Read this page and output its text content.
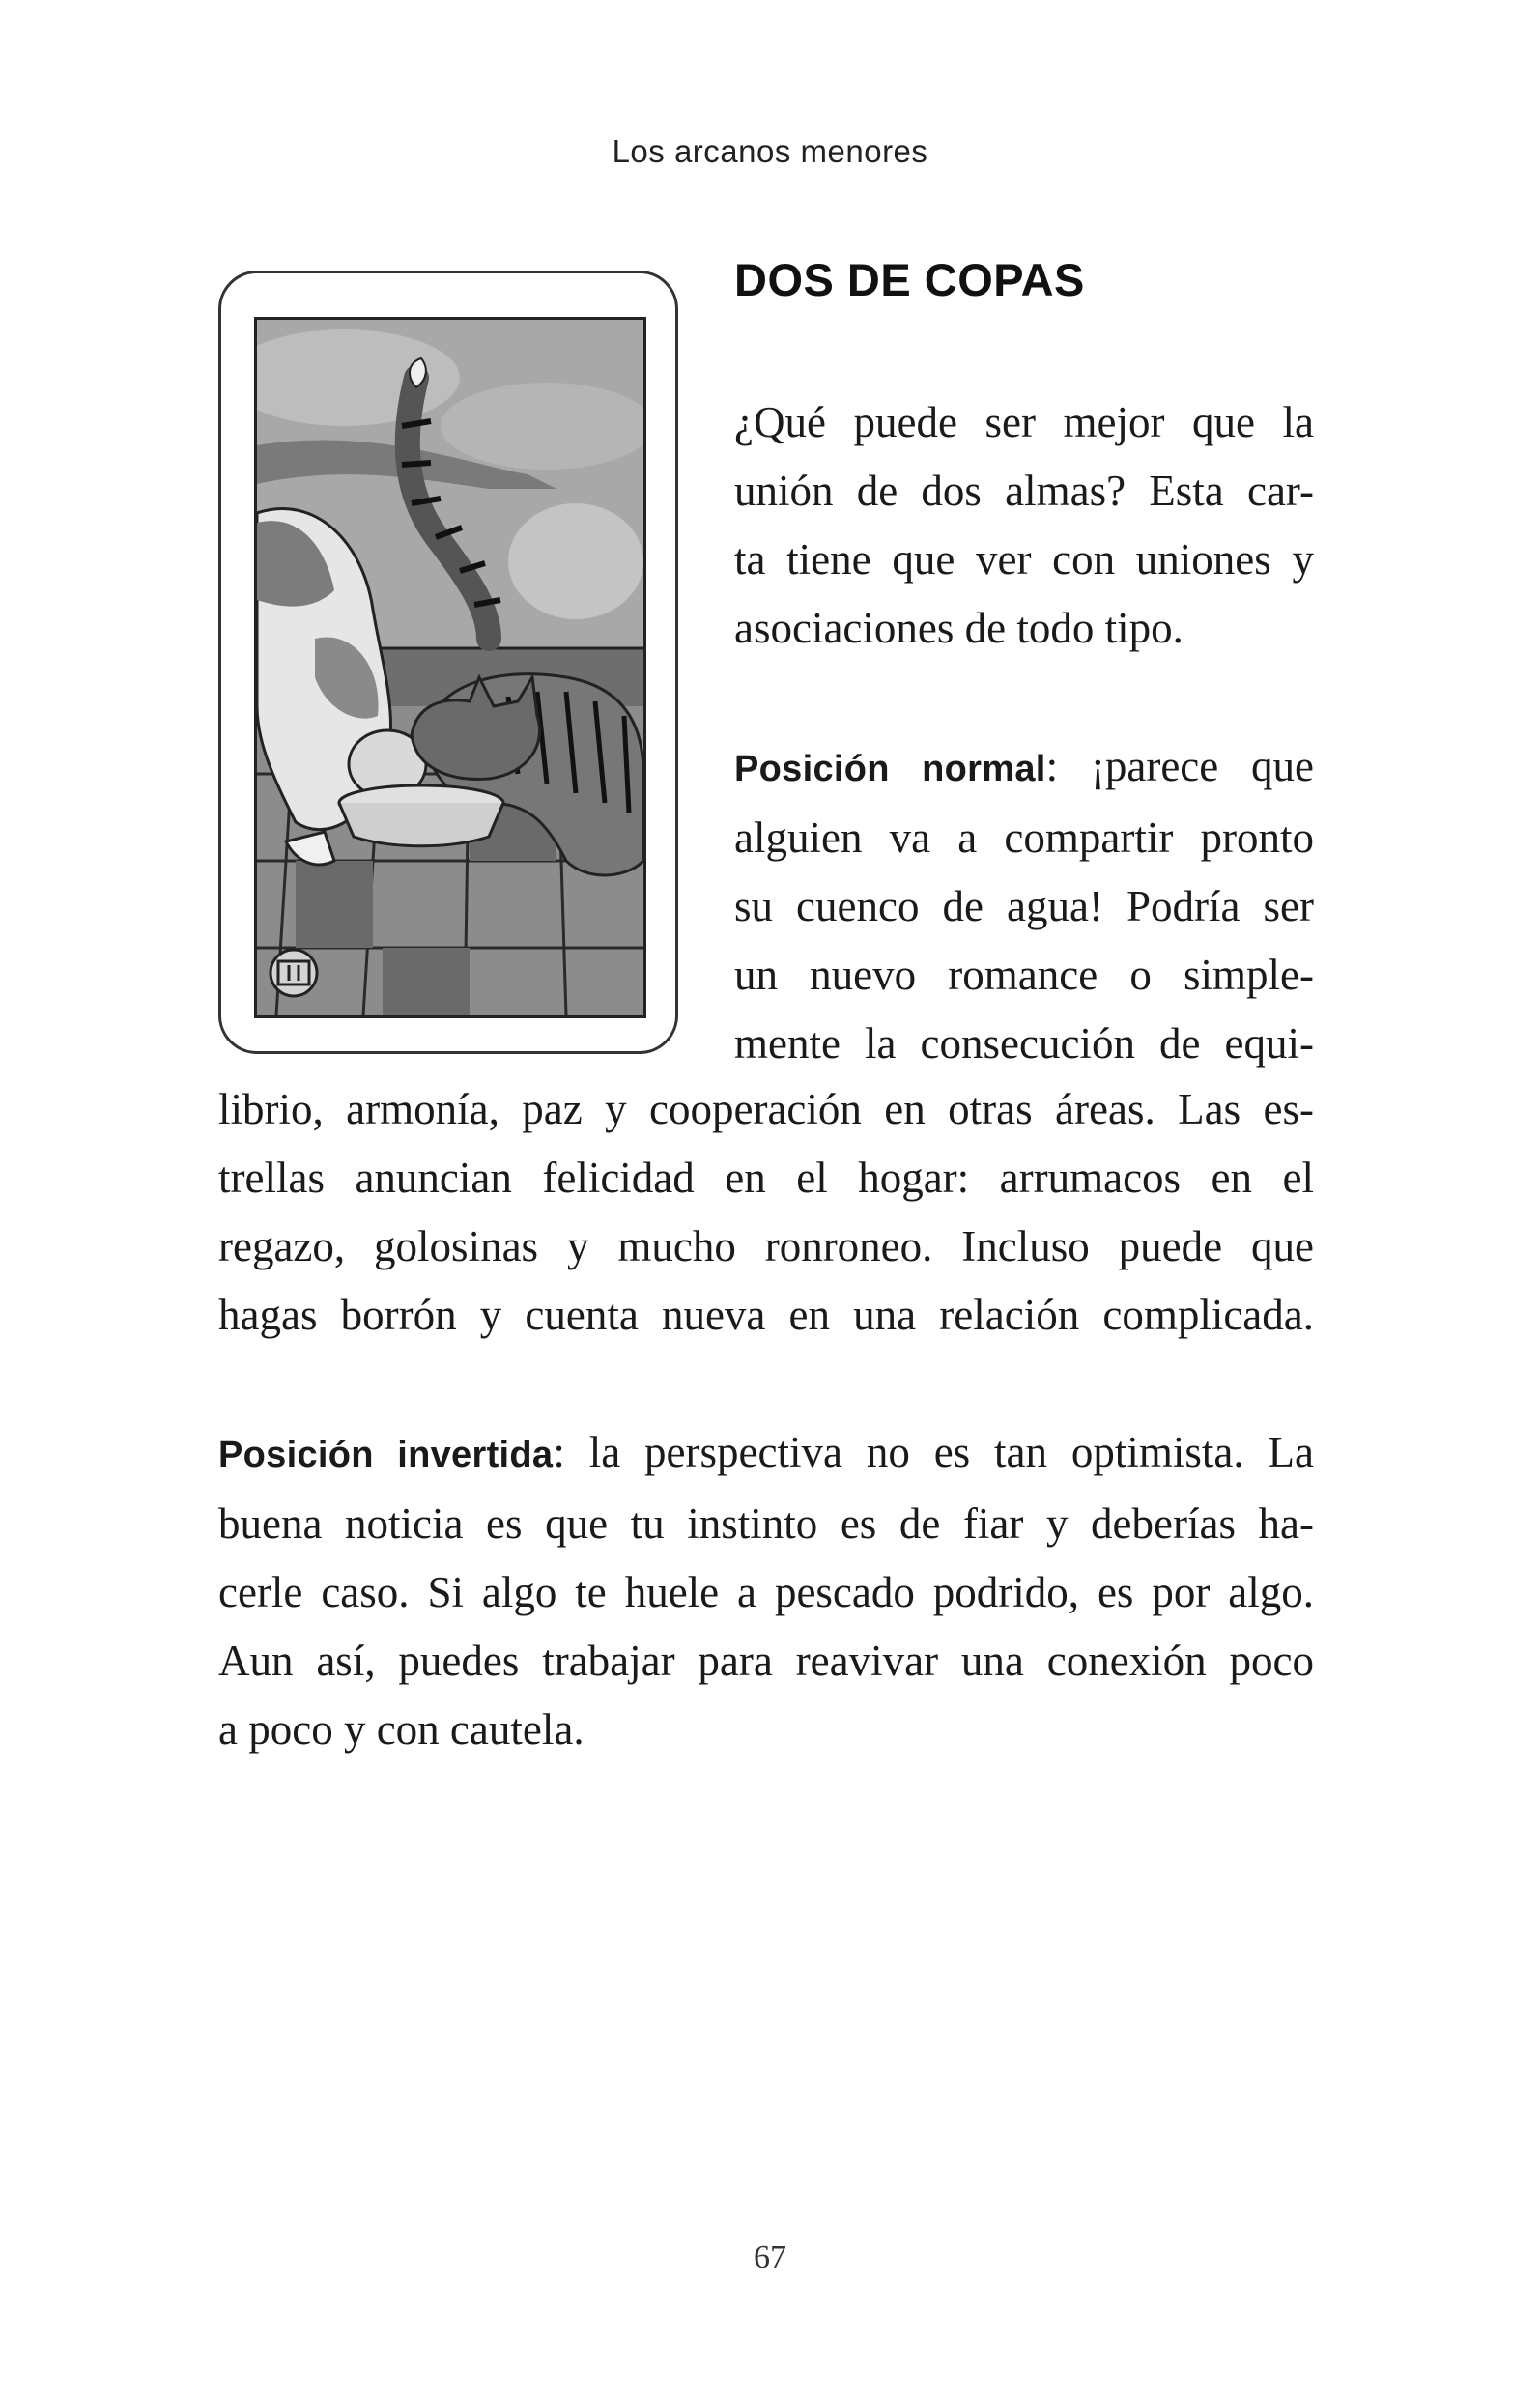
Los arcanos menores
DOS DE COPAS
¿Qué puede ser mejor que la
unión de dos almas? Esta car-
ta tiene que ver con uniones y
asociaciones de todo tipo.
Posición normal: ¡parece que
alguien va a compartir pronto
su cuenco de agua! Podría ser
un nuevo romance o simple-
mente la consecución de equi-
librio, armonía, paz y cooperación en otras áreas. Las es-
trellas anuncian felicidad en el hogar: arrumacos en el
regazo, golosinas y mucho ronroneo. Incluso puede que
hagas borrón y cuenta nueva en una relación complicada.
Posición invertida: la perspectiva no es tan optimista. La
buena noticia es que tu instinto es de fiar y deberías ha-
cerle caso. Si algo te huele a pescado podrido, es por algo.
Aun así, puedes trabajar para reavivar una conexión poco
a poco y con cautela.
67
